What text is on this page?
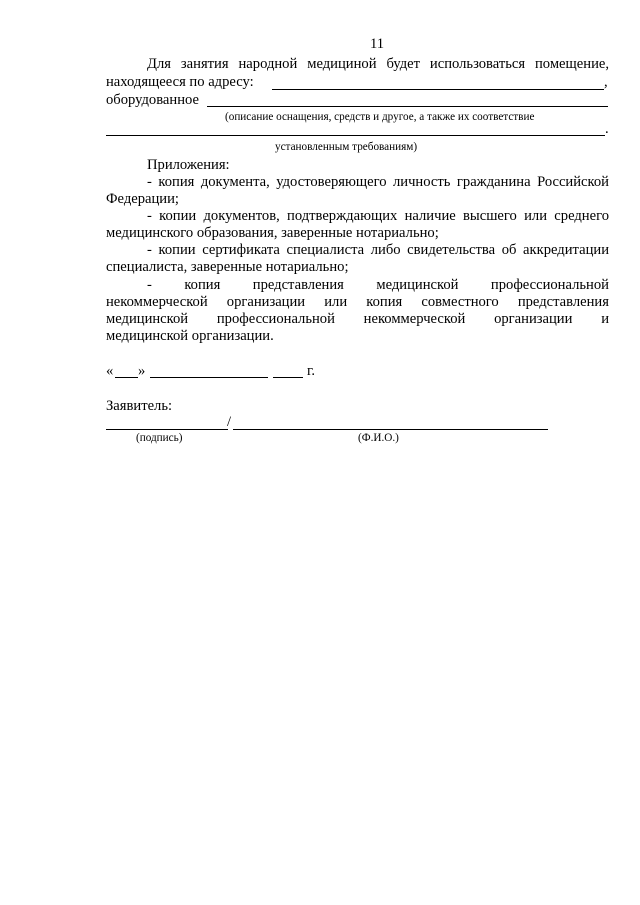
11
Для занятия народной медициной будет использоваться помещение,
находящееся по адресу:	,
оборудованное
(описание оснащения, средств и другое, а также их соответствие
.
установленным требованиям)
Приложения:
- копия документа, удостоверяющего личность гражданина Российской
Федерации;
- копии документов, подтверждающих наличие высшего или среднего
медицинского образования, заверенные нотариально;
- копии сертификата специалиста либо свидетельства об аккредитации
специалиста, заверенные нотариально;
- копия представления медицинской профессиональной
некоммерческой организации или копия совместного представления
медицинской профессиональной некоммерческой организации и
медицинской организации.
« »	г.
Заявитель:
/
(подпись)	(Ф.И.О.)
